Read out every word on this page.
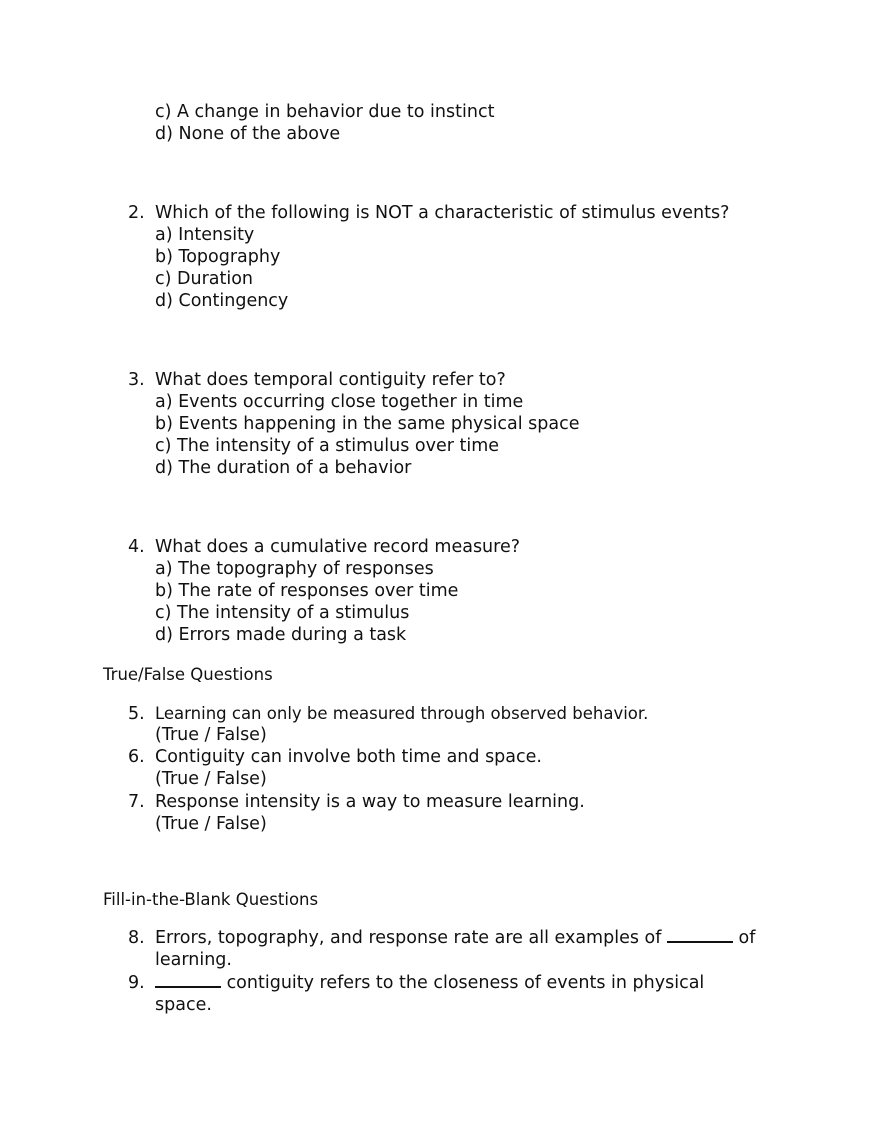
c) A change in behavior due to instinct
d) None of the above
2. Which of the following is NOT a characteristic of stimulus events?
a) Intensity
b) Topography
c) Duration
d) Contingency
3. What does temporal contiguity refer to?
a) Events occurring close together in time
b) Events happening in the same physical space
c) The intensity of a stimulus over time
d) The duration of a behavior
4. What does a cumulative record measure?
a) The topography of responses
b) The rate of responses over time
c) The intensity of a stimulus
d) Errors made during a task
True/False Questions
5. Learning can only be measured through observed behavior.
(True / False)
6. Contiguity can involve both time and space.
(True / False)
7. Response intensity is a way to measure learning.
(True / False)
Fill-in-the-Blank Questions
8. Errors, topography, and response rate are all examples of	of
learning.
9.	contiguity refers to the closeness of events in physical
space.
